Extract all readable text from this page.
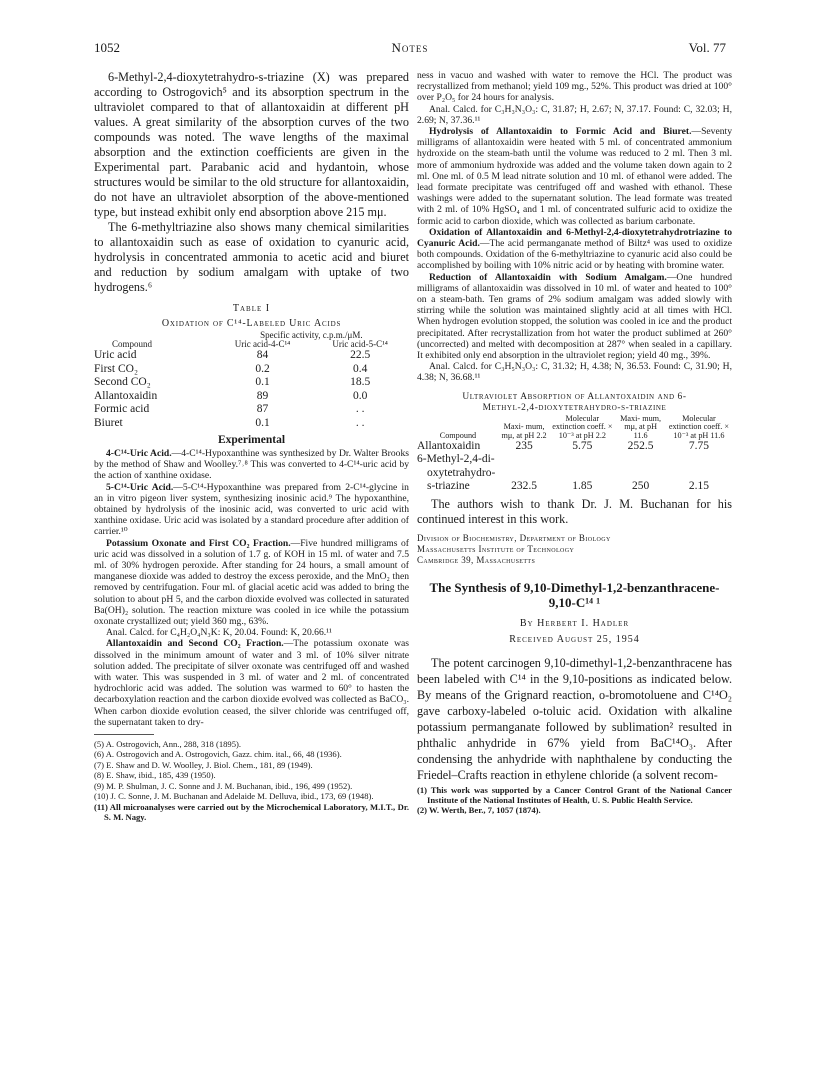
1052	Notes	Vol. 77

6-Methyl-2,4-dioxytetrahydro-s-triazine (X) was prepared according to Ostrogovich⁵ and its absorption spectrum in the ultraviolet compared to that of allantoxaidin at different pH values. A great similarity of the absorption curves of the two compounds was noted. The wave lengths of the maximal absorption and the extinction coefficients are given in the Experimental part. Parabanic acid and hydantoin, whose structures would be similar to the old structure for allantoxaidin, do not have an ultraviolet absorption of the above-mentioned type, but instead exhibit only end absorption above 215 mμ.

The 6-methyltriazine also shows many chemical similarities to allantoxaidin such as ease of oxidation to cyanuric acid, hydrolysis in concentrated ammonia to acetic acid and biuret and reduction by sodium amalgam with uptake of two hydrogens.⁶

Table I
Oxidation of C¹⁴-Labeled Uric Acids
	Specific activity, c.p.m./μM.	
Compound	Uric acid-4-C¹⁴	Uric acid-5-C¹⁴
Uric acid	84	22.5
First CO₂	0.2	0.4
Second CO₂	0.1	18.5
Allantoxaidin	89	0.0
Formic acid	87	. .
Biuret	0.1	. .
Experimental

4-C¹⁴-Uric Acid.—4-C¹⁴-Hypoxanthine was synthesized by Dr. Walter Brooks by the method of Shaw and Woolley.⁷˒⁸ This was converted to 4-C¹⁴-uric acid by the action of xanthine oxidase.

5-C¹⁴-Uric Acid.—5-C¹⁴-Hypoxanthine was prepared from 2-C¹⁴-glycine in an in vitro pigeon liver system, synthesizing inosinic acid.⁹ The hypoxanthine, obtained by hydrolysis of the inosinic acid, was converted to uric acid with xanthine oxidase. Uric acid was isolated by a standard procedure after addition of carrier.¹⁰

Potassium Oxonate and First CO₂ Fraction.—Five hundred milligrams of uric acid was dissolved in a solution of 1.7 g. of KOH in 15 ml. of water and 7.5 ml. of 30% hydrogen peroxide. After standing for 24 hours, a small amount of manganese dioxide was added to destroy the excess peroxide, and the MnO₂ then removed by centrifugation. Four ml. of glacial acetic acid was added to bring the solution to about pH 5, and the carbon dioxide evolved was collected in saturated Ba(OH)₂ solution. The reaction mixture was cooled in ice while the potassium oxonate crystallized out; yield 360 mg., 63%.

Anal. Calcd. for C₄H₂O₄N₃K: K, 20.04. Found: K, 20.66.¹¹

Allantoxaidin and Second CO₂ Fraction.—The potassium oxonate was dissolved in the minimum amount of water and 3 ml. of 10% silver nitrate solution added. The precipitate of silver oxonate was centrifuged off and washed with water. This was suspended in 3 ml. of water and 2 ml. of concentrated hydrochloric acid was added. The solution was warmed to 60° to hasten the decarboxylation reaction and the carbon dioxide evolved was collected as BaCO₃. When carbon dioxide evolution ceased, the silver chloride was centrifuged off, the supernatant taken to dry-

(5) A. Ostrogovich, Ann., 288, 318 (1895).

(6) A. Ostrogovich and A. Ostrogovich, Gazz. chim. ital., 66, 48 (1936).

(7) E. Shaw and D. W. Woolley, J. Biol. Chem., 181, 89 (1949).

(8) E. Shaw, ibid., 185, 439 (1950).

(9) M. P. Shulman, J. C. Sonne and J. M. Buchanan, ibid., 196, 499 (1952).

(10) J. C. Sonne, J. M. Buchanan and Adelaide M. Delluva, ibid., 173, 69 (1948).

(11) All microanalyses were carried out by the Microchemical Laboratory, M.I.T., Dr. S. M. Nagy.

ness in vacuo and washed with water to remove the HCl. The product was recrystallized from methanol; yield 109 mg., 52%. This product was dried at 100° over P₂O₅ for 24 hours for analysis.

Anal. Calcd. for C₃H₃N₃O₃: C, 31.87; H, 2.67; N, 37.17. Found: C, 32.03; H, 2.69; N, 37.36.¹¹

Hydrolysis of Allantoxaidin to Formic Acid and Biuret.—Seventy milligrams of allantoxaidin were heated with 5 ml. of concentrated ammonium hydroxide on the steam-bath until the volume was reduced to 2 ml. Then 3 ml. more of ammonium hydroxide was added and the volume taken down again to 2 ml. One ml. of 0.5 M lead nitrate solution and 10 ml. of ethanol were added. The lead formate precipitate was centrifuged off and washed with ethanol. These washings were added to the supernatant solution. The lead formate was treated with 2 ml. of 10% HgSO₄ and 1 ml. of concentrated sulfuric acid to oxidize the formic acid to carbon dioxide, which was collected as barium carbonate.

Oxidation of Allantoxaidin and 6-Methyl-2,4-dioxytetrahydrotriazine to Cyanuric Acid.—The acid permanganate method of Biltz⁴ was used to oxidize both compounds. Oxidation of the 6-methyltriazine to cyanuric acid also could be accomplished by boiling with 10% nitric acid or by heating with bromine water.

Reduction of Allantoxaidin with Sodium Amalgam.—One hundred milligrams of allantoxaidin was dissolved in 10 ml. of water and heated to 100° on a steam-bath. Ten grams of 2% sodium amalgam was added slowly with stirring while the solution was maintained slightly acid at all times with HCl. When hydrogen evolution stopped, the solution was cooled in ice and the product precipitated. After recrystallization from hot water the product sublimed at 260° (uncorrected) and melted with decomposition at 287° when sealed in a capillary. It exhibited only end absorption in the ultraviolet region; yield 40 mg., 39%.

Anal. Calcd. for C₃H₅N₃O₃: C, 31.32; H, 4.38; N, 36.53. Found: C, 31.90; H, 4.38; N, 36.68.¹¹

Ultraviolet Absorption of Allantoxaidin and 6-
Methyl-2,4-dioxytetrahydro-s-triazine
Compound	Maxi- mum, mμ, at pH 2.2	Molecular extinction coeff. × 10⁻³ at pH 2.2	Maxi- mum, mμ, at pH 11.6	Molecular extinction coeff. × 10⁻³ at pH 11.6
Allantoxaidin	235	5.75	252.5	7.75
6-Methyl-2,4-di-				
oxytetrahydro-				
s-triazine	232.5	1.85	250	2.15

The authors wish to thank Dr. J. M. Buchanan for his continued interest in this work.

Division of Biochemistry, Department of Biology
Massachusetts Institute of Technology
Cambridge 39, Massachusetts
The Synthesis of 9,10-Dimethyl-1,2-benzanthracene-9,10-C¹⁴ ¹
By Herbert I. Hadler
Received August 25, 1954

The potent carcinogen 9,10-dimethyl-1,2-benzanthracene has been labeled with C¹⁴ in the 9,10-positions as indicated below. By means of the Grignard reaction, o-bromotoluene and C¹⁴O₂ gave carboxy-labeled o-toluic acid. Oxidation with alkaline potassium permanganate followed by sublimation² resulted in phthalic anhydride in 67% yield from BaC¹⁴O₃. After condensing the anhydride with naphthalene by conducting the Friedel–Crafts reaction in ethylene chloride (a solvent recom-

(1) This work was supported by a Cancer Control Grant of the National Cancer Institute of the National Institutes of Health, U. S. Public Health Service.

(2) W. Werth, Ber., 7, 1057 (1874).
